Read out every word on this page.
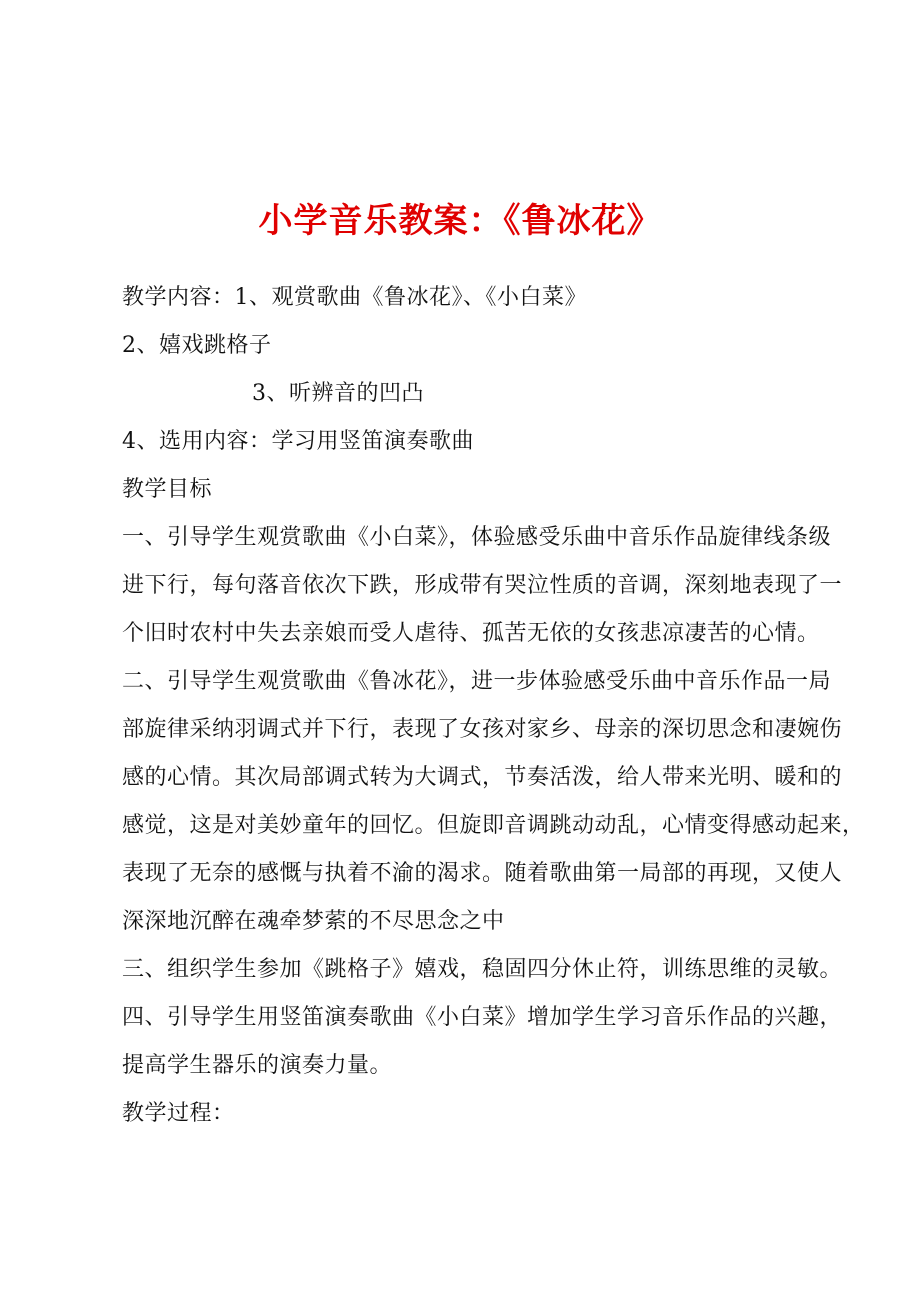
小学音乐教案：《鲁冰花》
教学内容：1、观赏歌曲《鲁冰花》、《小白菜》
2、嬉戏跳格子
3、听辨音的凹凸
4、选用内容：学习用竖笛演奏歌曲
教学目标
一、引导学生观赏歌曲《小白菜》，体验感受乐曲中音乐作品旋律线条级
进下行，每句落音依次下跌，形成带有哭泣性质的音调，深刻地表现了一
个旧时农村中失去亲娘而受人虐待、孤苦无依的女孩悲凉凄苦的心情。
二、引导学生观赏歌曲《鲁冰花》，进一步体验感受乐曲中音乐作品一局
部旋律采纳羽调式并下行，表现了女孩对家乡、母亲的深切思念和凄婉伤
感的心情。其次局部调式转为大调式，节奏活泼，给人带来光明、暖和的
感觉，这是对美妙童年的回忆。但旋即音调跳动动乱，心情变得感动起来，
表现了无奈的感慨与执着不渝的渴求。随着歌曲第一局部的再现，又使人
深深地沉醉在魂牵梦萦的不尽思念之中
三、组织学生参加《跳格子》嬉戏，稳固四分休止符，训练思维的灵敏。
四、引导学生用竖笛演奏歌曲《小白菜》增加学生学习音乐作品的兴趣，
提高学生器乐的演奏力量。
教学过程：
